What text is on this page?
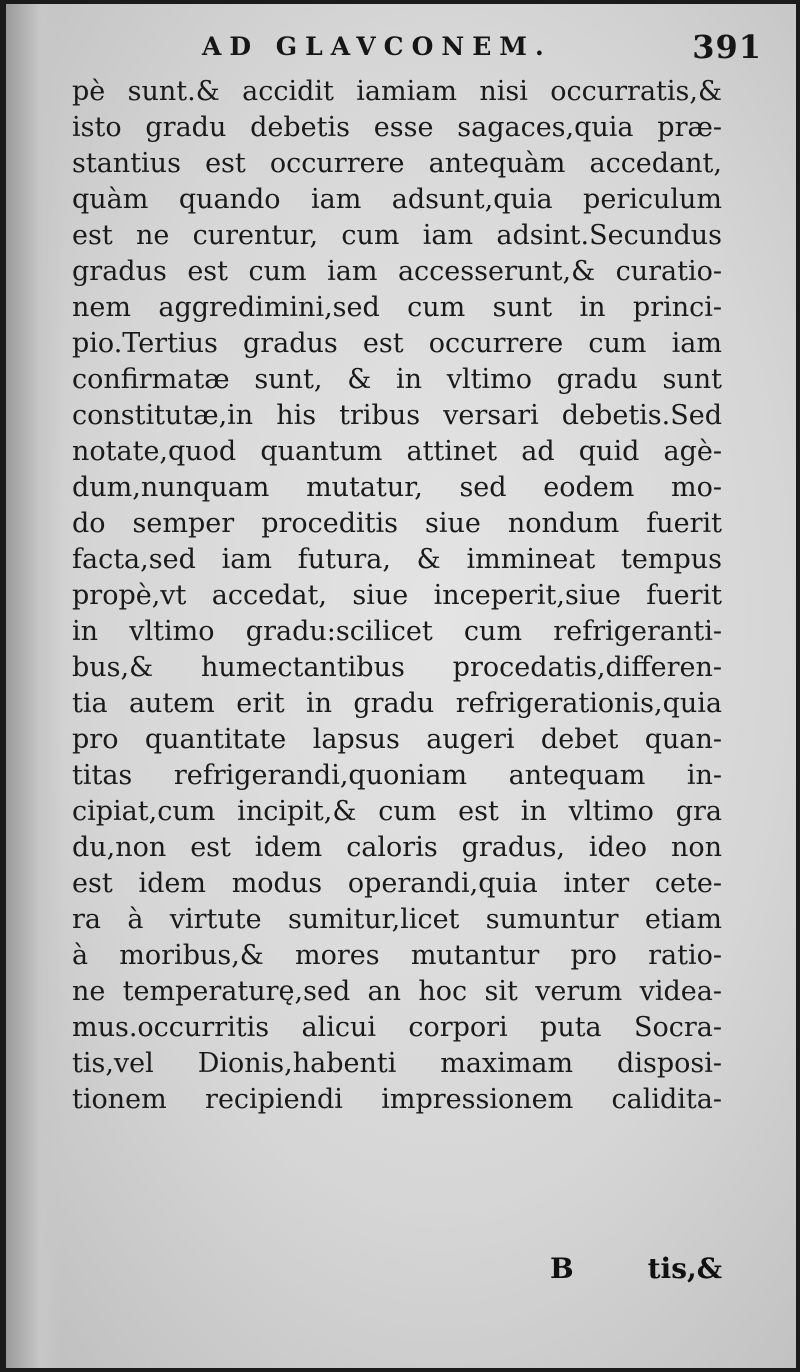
AD GLAVCONEM.	391
pè sunt.& accidit iamiam nisi occurratis,&
isto gradu debetis esse sagaces,quia præ-
stantius est occurrere antequàm accedant,
quàm quando iam adsunt,quia periculum
est ne curentur, cum iam adsint.Secundus
gradus est cum iam accesserunt,& curatio-
nem aggredimini,sed cum sunt in princi-
pio.Tertius gradus est occurrere cum iam
confirmatæ sunt, & in vltimo gradu sunt
constitutæ,in his tribus versari debetis.Sed
notate,quod quantum attinet ad quid agè-
dum,nunquam mutatur, sed eodem mo-
do semper proceditis siue nondum fuerit
facta,sed iam futura, & immineat tempus
propè,vt accedat, siue inceperit,siue fuerit
in vltimo gradu:scilicet cum refrigeranti-
bus,& humectantibus procedatis,differen-
tia autem erit in gradu refrigerationis,quia
pro quantitate lapsus augeri debet quan-
titas refrigerandi,quoniam antequam in-
cipiat,cum incipit,& cum est in vltimo gra
du,non est idem caloris gradus, ideo non
est idem modus operandi,quia inter cete-
ra à virtute sumitur,licet sumuntur etiam
à moribus,& mores mutantur pro ratio-
ne temperaturę,sed an hoc sit verum videa-
mus.occurritis alicui corpori puta Socra-
tis,vel Dionis,habenti maximam disposi-
tionem recipiendi impressionem calidita-
B	tis,&
